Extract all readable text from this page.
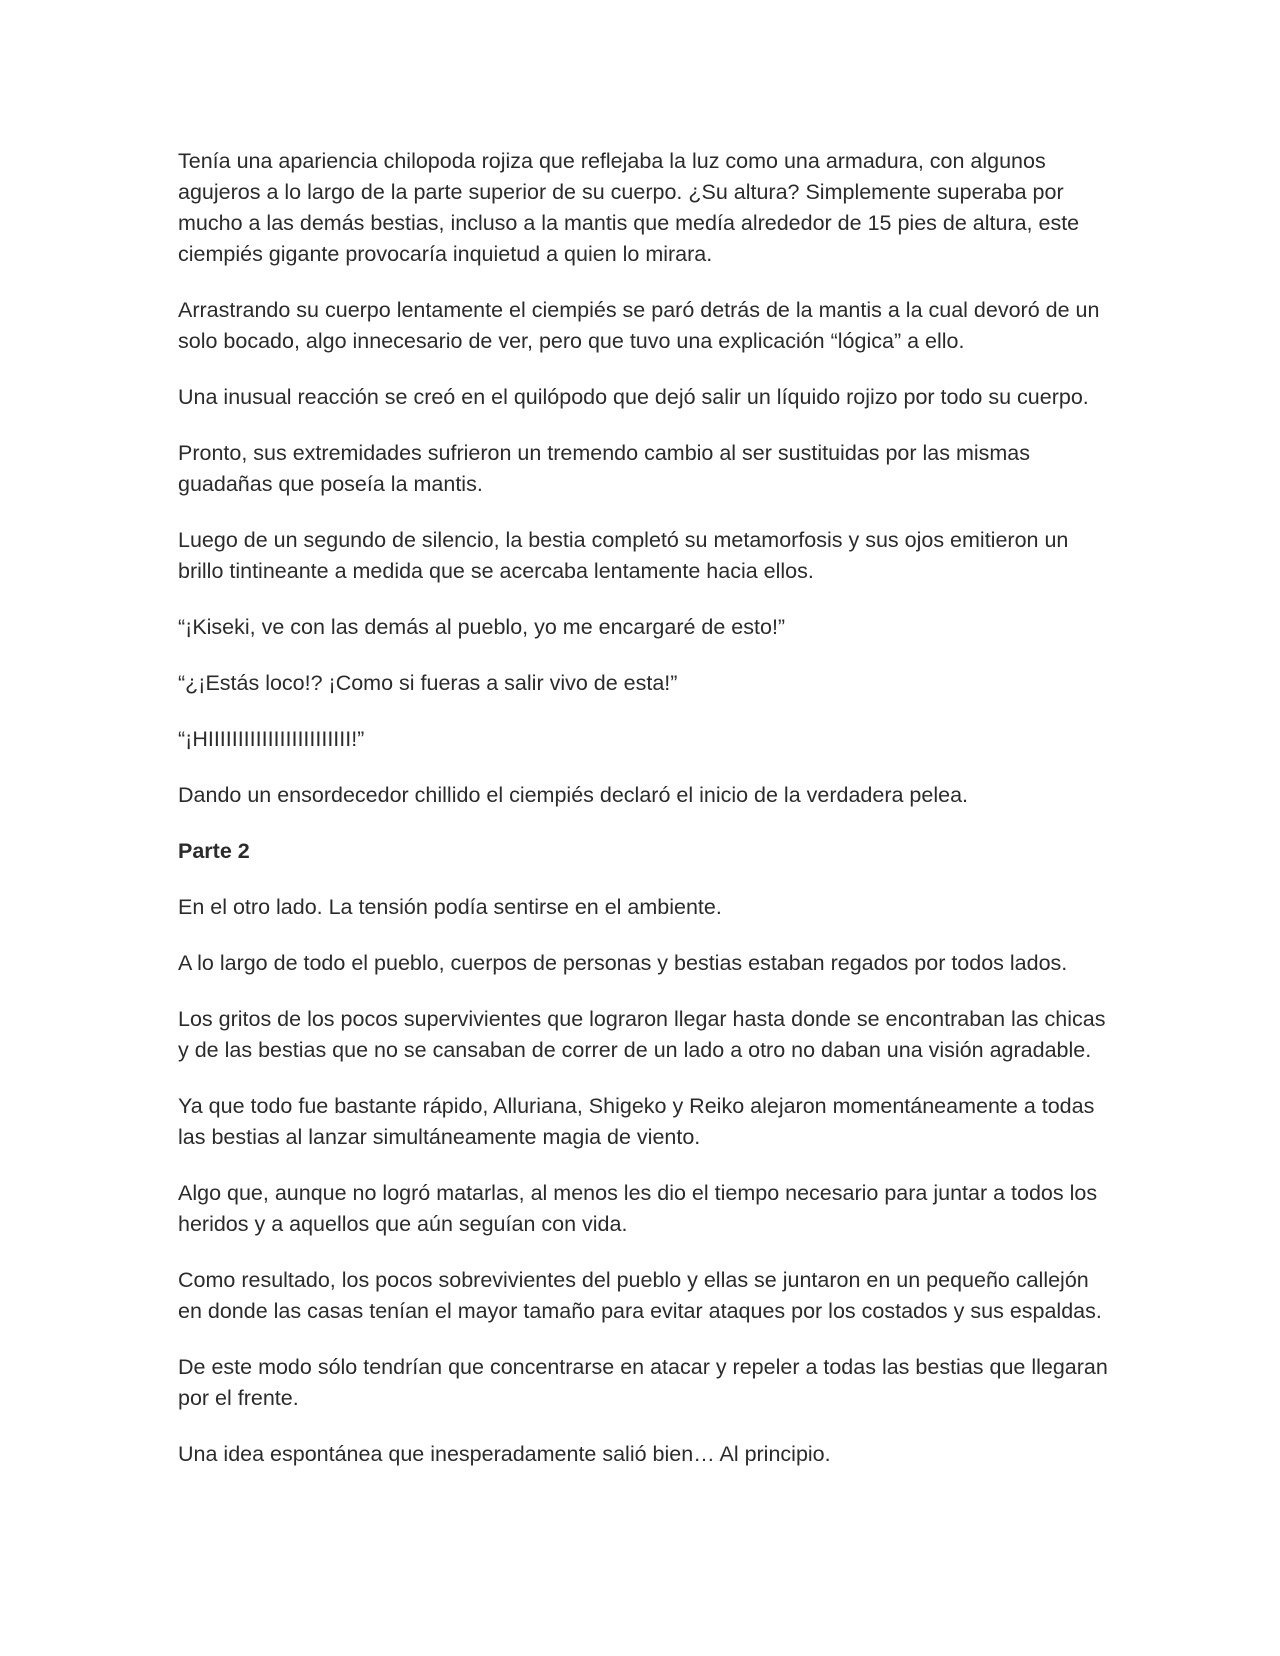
Tenía una apariencia chilopoda rojiza que reflejaba la luz como una armadura, con algunos agujeros a lo largo de la parte superior de su cuerpo. ¿Su altura? Simplemente superaba por mucho a las demás bestias, incluso a la mantis que medía alrededor de 15 pies de altura, este ciempiés gigante provocaría inquietud a quien lo mirara.

Arrastrando su cuerpo lentamente el ciempiés se paró detrás de la mantis a la cual devoró de un solo bocado, algo innecesario de ver, pero que tuvo una explicación “lógica” a ello.

Una inusual reacción se creó en el quilópodo que dejó salir un líquido rojizo por todo su cuerpo.

Pronto, sus extremidades sufrieron un tremendo cambio al ser sustituidas por las mismas guadañas que poseía la mantis.

Luego de un segundo de silencio, la bestia completó su metamorfosis y sus ojos emitieron un brillo tintineante a medida que se acercaba lentamente hacia ellos.

“¡Kiseki, ve con las demás al pueblo, yo me encargaré de esto!”

“¿¡Estás loco!? ¡Como si fueras a salir vivo de esta!”

“¡HIIIIIIIIIIIIIIIIIIIIIIII!”

Dando un ensordecedor chillido el ciempiés declaró el inicio de la verdadera pelea.

Parte 2

En el otro lado. La tensión podía sentirse en el ambiente.

A lo largo de todo el pueblo, cuerpos de personas y bestias estaban regados por todos lados.

Los gritos de los pocos supervivientes que lograron llegar hasta donde se encontraban las chicas y de las bestias que no se cansaban de correr de un lado a otro no daban una visión agradable.

Ya que todo fue bastante rápido, Alluriana, Shigeko y Reiko alejaron momentáneamente a todas las bestias al lanzar simultáneamente magia de viento.

Algo que, aunque no logró matarlas, al menos les dio el tiempo necesario para juntar a todos los heridos y a aquellos que aún seguían con vida.

Como resultado, los pocos sobrevivientes del pueblo y ellas se juntaron en un pequeño callejón en donde las casas tenían el mayor tamaño para evitar ataques por los costados y sus espaldas.

De este modo sólo tendrían que concentrarse en atacar y repeler a todas las bestias que llegaran por el frente.

Una idea espontánea que inesperadamente salió bien… Al principio.
